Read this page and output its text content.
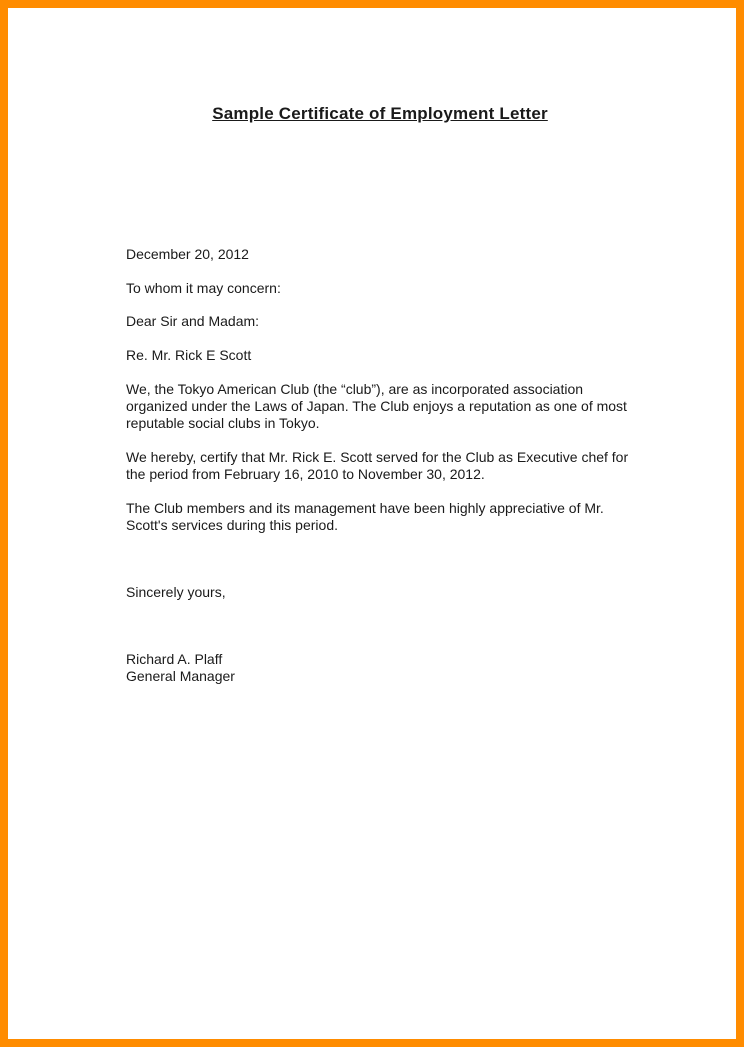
Sample Certificate of Employment Letter

December 20, 2012

To whom it may concern:

Dear Sir and Madam:

Re. Mr. Rick E Scott

We, the Tokyo American Club (the “club”), are as incorporated association organized under the Laws of Japan. The Club enjoys a reputation as one of most reputable social clubs in Tokyo.

We hereby, certify that Mr. Rick E. Scott served for the Club as Executive chef for the period from February 16, 2010 to November 30, 2012.

The Club members and its management have been highly appreciative of Mr. Scott's services during this period.

Sincerely yours,

Richard A. Plaff

General Manager
